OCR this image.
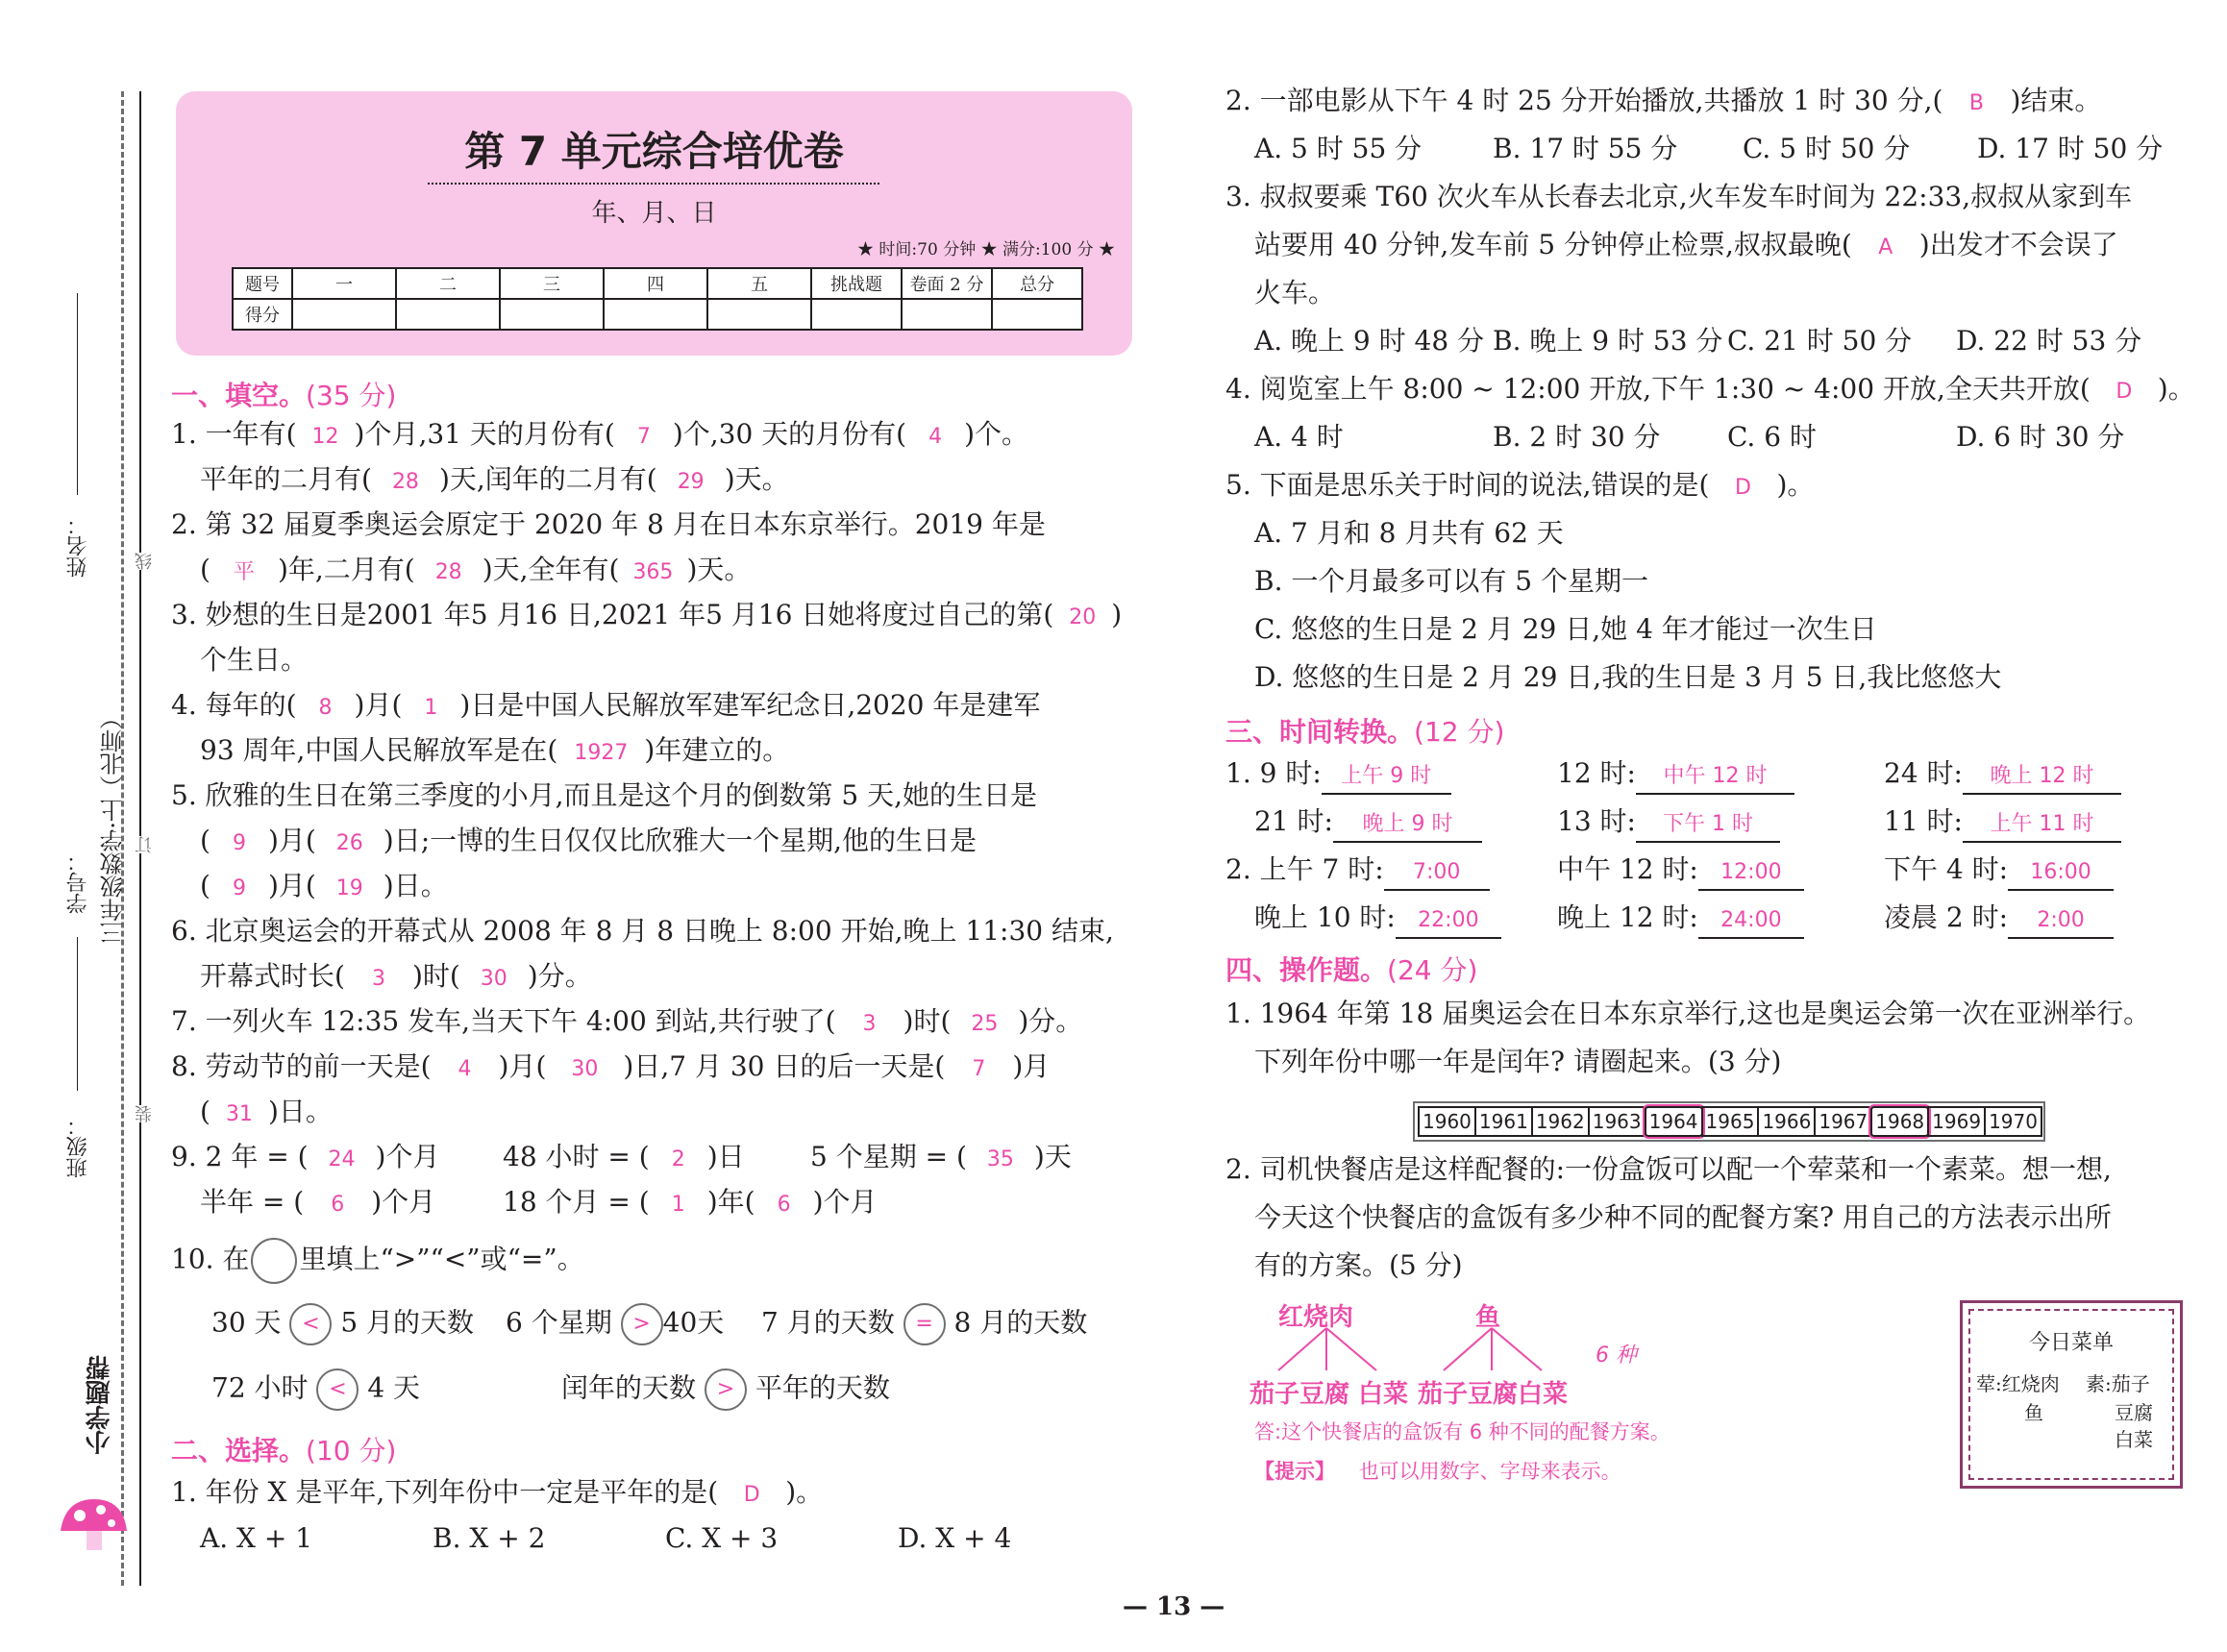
姓名：
学号： 三年级数学·上（北师）
班级：
线
订
装
小学题帮
第 7 单元综合培优卷
年、月、日
★ 时间:70 分钟 ★ 满分:100 分 ★
题号	一	二	三	四	五	挑战题	卷面 2 分	总分
得分								
一、填空。(35 分)
1. 一年有( 12 )个月,31 天的月份有( 7 )个,30 天的月份有( 4 )个。
平年的二月有( 28 )天,闰年的二月有( 29 )天。
2. 第 32 届夏季奥运会原定于 2020 年 8 月在日本东京举行。2019 年是
( 平 )年,二月有( 28 )天,全年有( 365 )天。
3. 妙想的生日是2001 年5 月16 日,2021 年5 月16 日她将度过自己的第( 20 )
个生日。
4. 每年的( 8 )月( 1 )日是中国人民解放军建军纪念日,2020 年是建军
93 周年,中国人民解放军是在( 1927 )年建立的。
5. 欣雅的生日在第三季度的小月,而且是这个月的倒数第 5 天,她的生日是
( 9 )月( 26 )日;一博的生日仅仅比欣雅大一个星期,他的生日是
( 9 )月( 19 )日。
6. 北京奥运会的开幕式从 2008 年 8 月 8 日晚上 8:00 开始,晚上 11:30 结束,
开幕式时长( 3 )时( 30 )分。
7. 一列火车 12:35 发车,当天下午 4:00 到站,共行驶了( 3 )时( 25 )分。
8. 劳动节的前一天是( 4 )月( 30 )日,7 月 30 日的后一天是( 7 )月
( 31 )日。
9. 2 年 = ( 24 )个月 48 小时 = ( 2 )日 5 个星期 = ( 35 )天
半年 = ( 6 )个月 18 个月 = ( 1 )年( 6 )个月
10. 在 里填上“>”“<”或“=”。
30 天 < 5 月的天数 6 个星期 > 40天 7 月的天数 = 8 月的天数
72 小时 < 4 天	闰年的天数 > 平年的天数
二、选择。(10 分)
1. 年份 X 是平年,下列年份中一定是平年的是( D )。
A. X + 1	B. X + 2	C. X + 3	D. X + 4
2. 一部电影从下午 4 时 25 分开始播放,共播放 1 时 30 分,( B )结束。
A. 5 时 55 分	B. 17 时 55 分 C. 5 时 50 分 D. 17 时 50 分
3. 叔叔要乘 T60 次火车从长春去北京,火车发车时间为 22:33,叔叔从家到车
站要用 40 分钟,发车前 5 分钟停止检票,叔叔最晚( A )出发才不会误了
火车。
A. 晚上 9 时 48 分 B. 晚上 9 时 53 分 C. 21 时 50 分 D. 22 时 53 分
4. 阅览室上午 8:00 ~ 12:00 开放,下午 1:30 ~ 4:00 开放,全天共开放( D )。
A. 4 时	B. 2 时 30 分 C. 6 时	D. 6 时 30 分
5. 下面是思乐关于时间的说法,错误的是( D )。
A. 7 月和 8 月共有 62 天
B. 一个月最多可以有 5 个星期一
C. 悠悠的生日是 2 月 29 日,她 4 年才能过一次生日
D. 悠悠的生日是 2 月 29 日,我的生日是 3 月 5 日,我比悠悠大
三、时间转换。(12 分)
1. 9 时: 上午 9 时	12 时: 中午 12 时	24 时: 晚上 12 时
21 时: 晚上 9 时	13 时: 下午 1 时	11 时: 上午 11 时
2. 上午 7 时: 7:00	中午 12 时: 12:00	下午 4 时: 16:00
晚上 10 时: 22:00	晚上 12 时: 24:00	凌晨 2 时: 2:00
四、操作题。(24 分)
1. 1964 年第 18 届奥运会在日本东京举行,这也是奥运会第一次在亚洲举行。
下列年份中哪一年是闰年? 请圈起来。(3 分)
2. 司机快餐店是这样配餐的:一份盒饭可以配一个荤菜和一个素菜。想一想,
今天这个快餐店的盒饭有多少种不同的配餐方案? 用自己的方法表示出所
有的方案。(5 分)
1960 1961 1962 1963 1964 1965 1966 1967 1968 1969 1970
红烧肉	鱼
6 种
茄子豆腐 白菜 茄子豆腐白菜
答:这个快餐店的盒饭有 6 种不同的配餐方案。
【提示】 也可以用数字、字母来表示。
今日菜单
荤:红烧肉
鱼
素:茄子
豆腐
白菜
— 13 —
